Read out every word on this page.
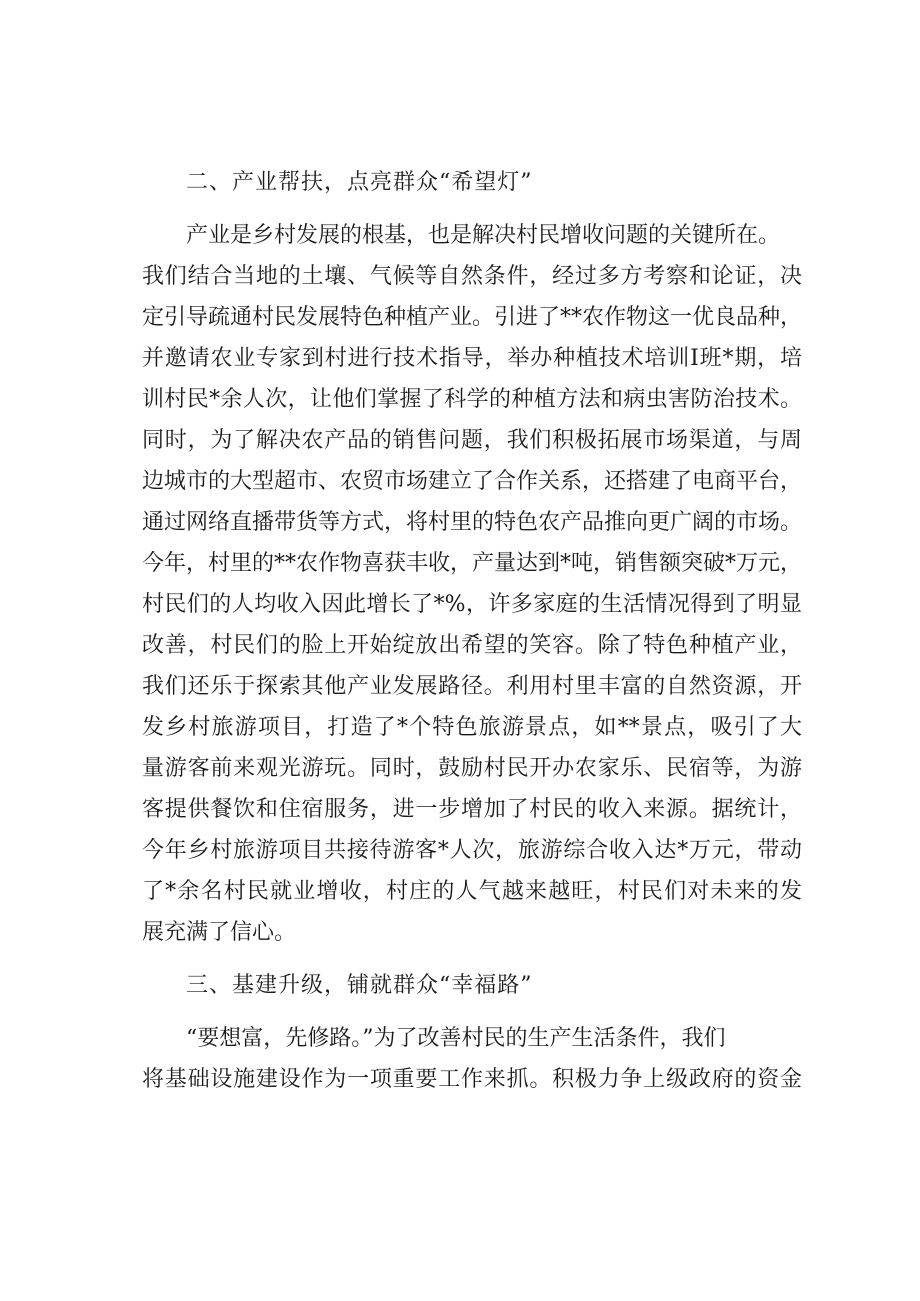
二、产业帮扶，点亮群众“希望灯”
产业是乡村发展的根基，也是解决村民增收问题的关键所在。
我们结合当地的土壤、气候等自然条件，经过多方考察和论证，决
定引导疏通村民发展特色种植产业。引进了**农作物这一优良品种，
并邀请农业专家到村进行技术指导，举办种植技术培训I班*期，培
训村民*余人次，让他们掌握了科学的种植方法和病虫害防治技术。
同时，为了解决农产品的销售问题，我们积极拓展市场渠道，与周
边城市的大型超市、农贸市场建立了合作关系，还搭建了电商平台，
通过网络直播带货等方式，将村里的特色农产品推向更广阔的市场。
今年，村里的**农作物喜获丰收，产量达到*吨，销售额突破*万元，
村民们的人均收入因此增长了*%，许多家庭的生活情况得到了明显
改善，村民们的脸上开始绽放出希望的笑容。除了特色种植产业，
我们还乐于探索其他产业发展路径。利用村里丰富的自然资源，开
发乡村旅游项目，打造了*个特色旅游景点，如**景点，吸引了大
量游客前来观光游玩。同时，鼓励村民开办农家乐、民宿等，为游
客提供餐饮和住宿服务，进一步增加了村民的收入来源。据统计，
今年乡村旅游项目共接待游客*人次，旅游综合收入达*万元，带动
了*余名村民就业增收，村庄的人气越来越旺，村民们对未来的发
展充满了信心。
三、基建升级，铺就群众“幸福路”
“要想富，先修路。”为了改善村民的生产生活条件，我们
将基础设施建设作为一项重要工作来抓。积极力争上级政府的资金
